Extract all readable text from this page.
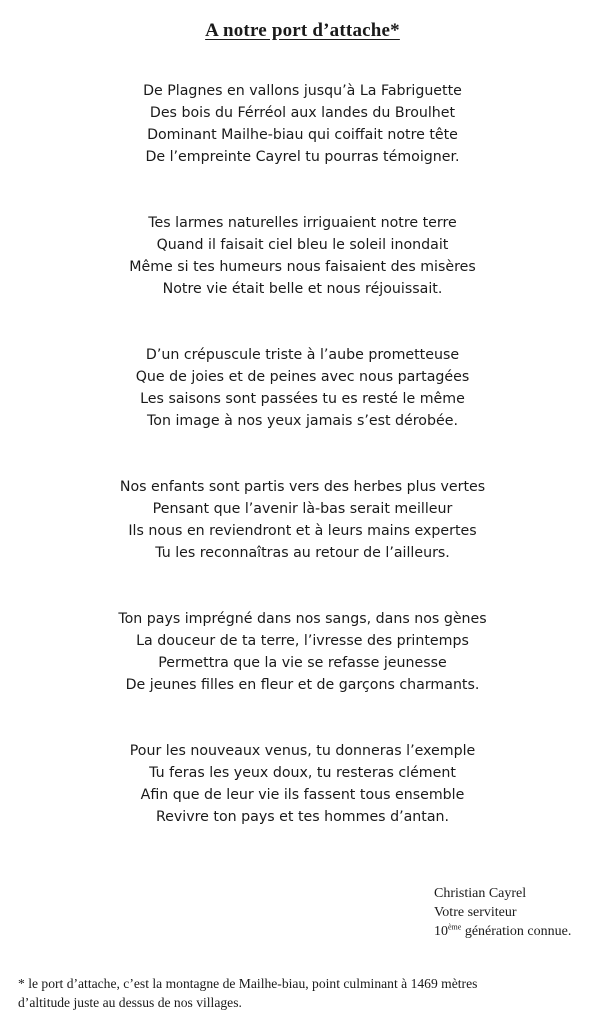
A notre port d’attache*
De Plagnes en vallons jusqu’à La Fabriguette
Des bois du Férréol aux landes du Broulhet
Dominant Mailhe-biau qui coiffait notre tête
De l’empreinte Cayrel tu pourras témoigner.
Tes larmes naturelles irriguaient notre terre
Quand il faisait ciel bleu le soleil inondait
Même si tes humeurs nous faisaient des misères
Notre vie était belle et nous réjouissait.
D’un crépuscule triste à l’aube prometteuse
Que de joies et de peines avec nous partagées
Les saisons sont passées tu es resté le même
Ton image à nos yeux jamais s’est dérobée.
Nos enfants sont partis vers des herbes plus vertes
Pensant que l’avenir là-bas serait meilleur
Ils nous en reviendront et à leurs mains expertes
Tu les reconnaîtras au retour de l’ailleurs.
Ton pays imprégné dans nos sangs, dans nos gènes
La douceur de ta terre, l’ivresse des printemps
Permettra que la vie se refasse jeunesse
De jeunes filles en fleur et de garçons charmants.
Pour les nouveaux venus, tu donneras l’exemple
Tu feras les yeux doux, tu resteras clément
Afin que de leur vie ils fassent tous ensemble
Revivre ton pays et tes hommes d’antan.
Christian Cayrel
Votre serviteur
10ème génération connue.
* le port d’attache, c’est la montagne de Mailhe-biau, point culminant à 1469 mètres
d’altitude juste au dessus de nos villages.
